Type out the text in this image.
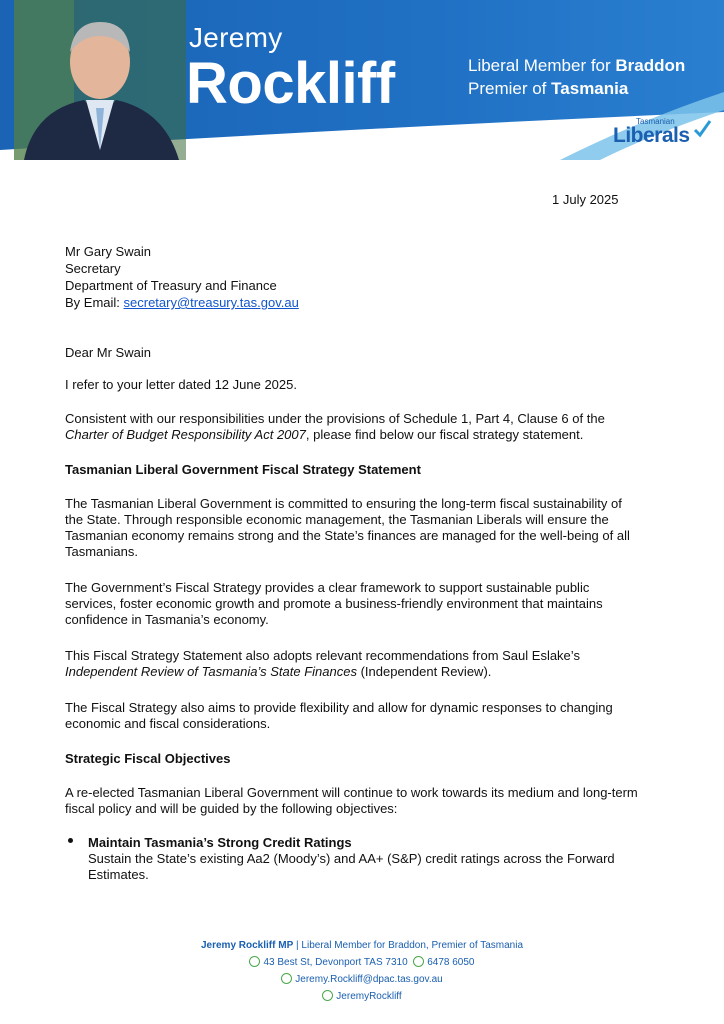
Jeremy
Rockliff	Liberal Member for Braddon
Premier of Tasmania
Tasmanian
Liberals
1 July 2025
Mr Gary Swain
Secretary
Department of Treasury and Finance
By Email: secretary@treasury.tas.gov.au
Dear Mr Swain
I refer to your letter dated 12 June 2025.
Consistent with our responsibilities under the provisions of Schedule 1, Part 4, Clause 6 of the
Charter of Budget Responsibility Act 2007, please find below our fiscal strategy statement.
Tasmanian Liberal Government Fiscal Strategy Statement
The Tasmanian Liberal Government is committed to ensuring the long-term fiscal sustainability of
the State. Through responsible economic management, the Tasmanian Liberals will ensure the
Tasmanian economy remains strong and the State’s finances are managed for the well-being of all
Tasmanians.
The Government’s Fiscal Strategy provides a clear framework to support sustainable public
services, foster economic growth and promote a business-friendly environment that maintains
confidence in Tasmania’s economy.
This Fiscal Strategy Statement also adopts relevant recommendations from Saul Eslake’s
Independent Review of Tasmania’s State Finances (Independent Review).
The Fiscal Strategy also aims to provide flexibility and allow for dynamic responses to changing
economic and fiscal considerations.
Strategic Fiscal Objectives
A re-elected Tasmanian Liberal Government will continue to work towards its medium and long-term
fiscal policy and will be guided by the following objectives:
Maintain Tasmania’s Strong Credit Ratings
Sustain the State’s existing Aa2 (Moody’s) and AA+ (S&P) credit ratings across the Forward
Estimates.
Jeremy Rockliff MP | Liberal Member for Braddon, Premier of Tasmania
43 Best St, Devonport TAS 7310 6478 6050
Jeremy.Rockliff@dpac.tas.gov.au
JeremyRockliff
